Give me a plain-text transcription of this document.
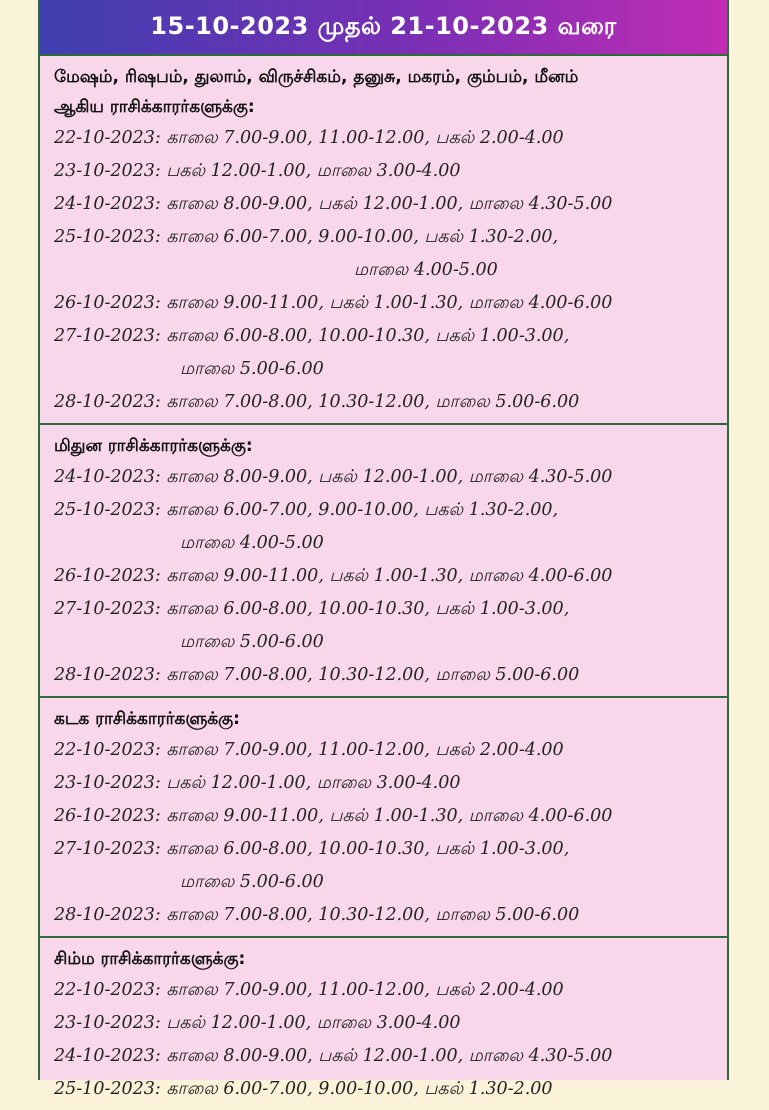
15-10-2023 முதல் 21-10-2023 வரை
மேஷம், ரிஷபம், துலாம், விருச்சிகம், தனுசு, மகரம், கும்பம், மீனம்
ஆகிய ராசிக்காரர்களுக்கு:
22-10-2023: காலை 7.00-9.00, 11.00-12.00, பகல் 2.00-4.00
23-10-2023: பகல் 12.00-1.00, மாலை 3.00-4.00
24-10-2023: காலை 8.00-9.00, பகல் 12.00-1.00, மாலை 4.30-5.00
25-10-2023: காலை 6.00-7.00, 9.00-10.00, பகல் 1.30-2.00,
மாலை 4.00-5.00
26-10-2023: காலை 9.00-11.00, பகல் 1.00-1.30, மாலை 4.00-6.00
27-10-2023: காலை 6.00-8.00, 10.00-10.30, பகல் 1.00-3.00,
மாலை 5.00-6.00
28-10-2023: காலை 7.00-8.00, 10.30-12.00, மாலை 5.00-6.00
மிதுன ராசிக்காரர்களுக்கு:
24-10-2023: காலை 8.00-9.00, பகல் 12.00-1.00, மாலை 4.30-5.00
25-10-2023: காலை 6.00-7.00, 9.00-10.00, பகல் 1.30-2.00,
மாலை 4.00-5.00
26-10-2023: காலை 9.00-11.00, பகல் 1.00-1.30, மாலை 4.00-6.00
27-10-2023: காலை 6.00-8.00, 10.00-10.30, பகல் 1.00-3.00,
மாலை 5.00-6.00
28-10-2023: காலை 7.00-8.00, 10.30-12.00, மாலை 5.00-6.00
கடக ராசிக்காரர்களுக்கு:
22-10-2023: காலை 7.00-9.00, 11.00-12.00, பகல் 2.00-4.00
23-10-2023: பகல் 12.00-1.00, மாலை 3.00-4.00
26-10-2023: காலை 9.00-11.00, பகல் 1.00-1.30, மாலை 4.00-6.00
27-10-2023: காலை 6.00-8.00, 10.00-10.30, பகல் 1.00-3.00,
மாலை 5.00-6.00
28-10-2023: காலை 7.00-8.00, 10.30-12.00, மாலை 5.00-6.00
சிம்ம ராசிக்காரர்களுக்கு:
22-10-2023: காலை 7.00-9.00, 11.00-12.00, பகல் 2.00-4.00
23-10-2023: பகல் 12.00-1.00, மாலை 3.00-4.00
24-10-2023: காலை 8.00-9.00, பகல் 12.00-1.00, மாலை 4.30-5.00
25-10-2023: காலை 6.00-7.00, 9.00-10.00, பகல் 1.30-2.00
